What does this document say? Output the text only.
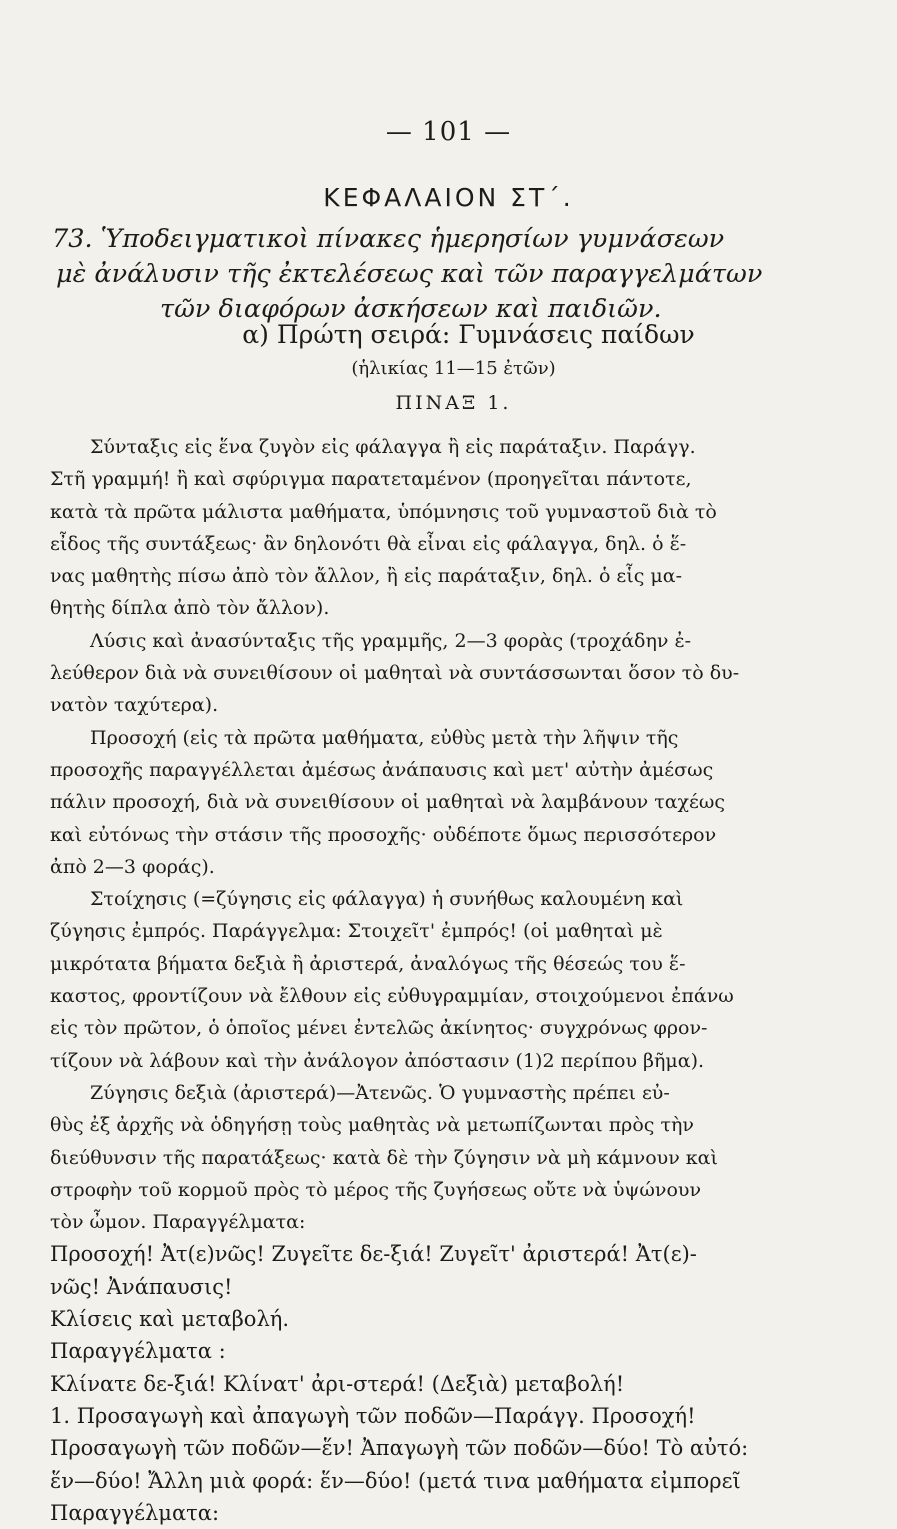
— 101 —
ΚΕΦΑΛΑΙΟΝ ΣΤ΄.
73. Ὑποδειγματικοὶ πίνακες ἡμερησίων γυμνάσεων
μὲ ἀνάλυσιν τῆς ἐκτελέσεως καὶ τῶν παραγγελμάτων
τῶν διαφόρων ἀσκήσεων καὶ παιδιῶν.
α) Πρώτη σειρά: Γυμνάσεις παίδων
(ἡλικίας 11—15 ἐτῶν)
ΠΙΝΑΞ 1.
Σύνταξις εἰς ἕνα ζυγὸν εἰς φάλαγγα ἢ εἰς παράταξιν. Παράγγ.
Στῆ γραμμή! ἢ καὶ σφύριγμα παρατεταμένον (προηγεῖται πάντοτε,
κατὰ τὰ πρῶτα μάλιστα μαθήματα, ὑπόμνησις τοῦ γυμναστοῦ διὰ τὸ
εἶδος τῆς συντάξεως· ἂν δηλονότι θὰ εἶναι εἰς φάλαγγα, δηλ. ὁ ἕ-
νας μαθητὴς πίσω ἀπὸ τὸν ἄλλον, ἢ εἰς παράταξιν, δηλ. ὁ εἷς μα-
θητὴς δίπλα ἀπὸ τὸν ἄλλον).
Λύσις καὶ ἀνασύνταξις τῆς γραμμῆς, 2—3 φορὰς (τροχάδην ἐ-
λεύθερον διὰ νὰ συνειθίσουν οἱ μαθηταὶ νὰ συντάσσωνται ὅσον τὸ δυ-
νατὸν ταχύτερα).
Προσοχή (εἰς τὰ πρῶτα μαθήματα, εὐθὺς μετὰ τὴν λῆψιν τῆς
προσοχῆς παραγγέλλεται ἀμέσως ἀνάπαυσις καὶ μετ' αὐτὴν ἀμέσως
πάλιν προσοχή, διὰ νὰ συνειθίσουν οἱ μαθηταὶ νὰ λαμβάνουν ταχέως
καὶ εὐτόνως τὴν στάσιν τῆς προσοχῆς· οὐδέποτε ὅμως περισσότερον
ἀπὸ 2—3 φοράς).
Στοίχησις (=ζύγησις εἰς φάλαγγα) ἡ συνήθως καλουμένη καὶ
ζύγησις ἐμπρός. Παράγγελμα: Στοιχεῖτ' ἐμπρός! (οἱ μαθηταὶ μὲ
μικρότατα βήματα δεξιὰ ἢ ἀριστερά, ἀναλόγως τῆς θέσεώς του ἕ-
καστος, φροντίζουν νὰ ἔλθουν εἰς εὐθυγραμμίαν, στοιχούμενοι ἐπάνω
εἰς τὸν πρῶτον, ὁ ὁποῖος μένει ἐντελῶς ἀκίνητος· συγχρόνως φρον-
τίζουν νὰ λάβουν καὶ τὴν ἀνάλογον ἀπόστασιν (1)2 περίπου βῆμα).
Ζύγησις δεξιὰ (ἀριστερά)—Ἀτενῶς. Ὁ γυμναστὴς πρέπει εὐ-
θὺς ἐξ ἀρχῆς νὰ ὁδηγήσῃ τοὺς μαθητὰς νὰ μετωπίζωνται πρὸς τὴν
διεύθυνσιν τῆς παρατάξεως· κατὰ δὲ τὴν ζύγησιν νὰ μὴ κάμνουν καὶ
στροφὴν τοῦ κορμοῦ πρὸς τὸ μέρος τῆς ζυγήσεως οὔτε νὰ ὑψώνουν
τὸν ὦμον. Παραγγέλματα:
Προσοχή! Ἀτ(ε)νῶς! Ζυγεῖτε δε-ξιά! Ζυγεῖτ' ἀριστερά! Ἀτ(ε)-
νῶς! Ἀνάπαυσις!
Κλίσεις καὶ μεταβολή.
Παραγγέλματα :
Κλίνατε δε-ξιά! Κλίνατ' ἀρι-στερά! (Δεξιὰ) μεταβολή!
1. Προσαγωγὴ καὶ ἀπαγωγὴ τῶν ποδῶν—Παράγγ. Προσοχή!
Προσαγωγὴ τῶν ποδῶν—ἕν! Ἀπαγωγὴ τῶν ποδῶν—δύο! Τὸ αὐτό:
ἕν—δύο! Ἄλλη μιὰ φορά: ἕν—δύο! (μετά τινα μαθήματα εἰμπορεῖ
Παραγγέλματα:
